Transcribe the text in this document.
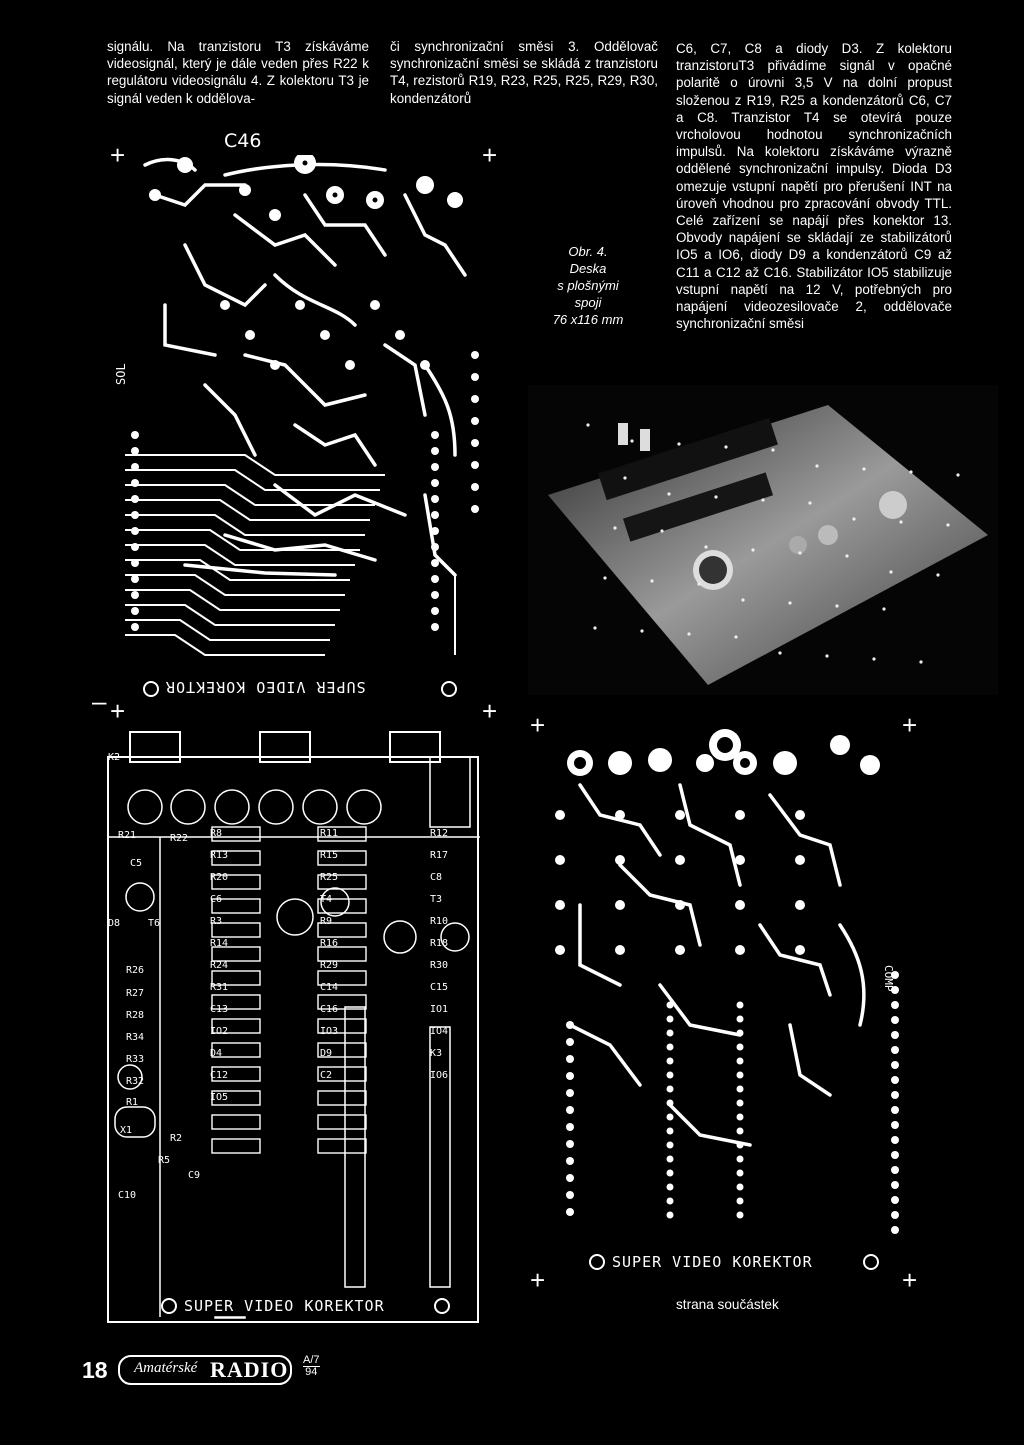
signálu. Na tranzistoru T3 získáváme videosignál, který je dále veden přes R22 k regulátoru videosignálu 4. Z kolektoru T3 je signál veden k oddělova-

či synchronizační směsi 3. Oddělovač synchronizační směsi se skládá z tranzistoru T4, rezistorů R19, R23, R25, R25, R29, R30, kondenzátorů

C6, C7, C8 a diody D3. Z kolektoru tranzistoruT3 přivádíme signál v opačné polaritě o úrovni 3,5 V na dolní propust složenou z R19, R25 a kondenzátorů C6, C7 a C8. Tranzistor T4 se otevírá pouze vrcholovou hodnotou synchronizačních impulsů. Na kolektoru získáváme výrazně oddělené synchronizační impulsy. Dioda D3 omezuje vstupní napětí pro přerušení INT na úroveň vhodnou pro zpracování obvody TTL. Celé zařízení se napájí přes konektor 13. Obvody napájení se skládají ze stabilizátorů IO5 a IO6, diody D9 a kondenzátorů C9 až C11 a C12 až C16. Stabilizátor IO5 stabilizuje vstupní napětí na 12 V, potřebných pro napájení videozesilovače 2, oddělovače synchronizační směsi

Obr. 4.
Deska
s plošnými
spoji
76 x116 mm
+	+
– +	+ +	+
+	+
C46
SOL
SUPER VIDEO KOREKTOR
K2
R21
C5
R22
D8	T6
R26
R27
R28
R34
R33
R32
R1
X1
R2
R5
C9
C10
R8	R11	R12
R13	R15	R17
R20	R25	C8
C6	T4	T3
R3	R9	R10
R14	R16	R18
R24	R29	R30
R31	C14	C15
C13	C16	IO1
IO2	IO3	IO4
D4	D9	K3
C12	C2	IO6
IO5
SUPER VIDEO KOREKTOR
COMP
SUPER VIDEO KOREKTOR
strana součástek
18 Amatérské RADIO A/7
94
